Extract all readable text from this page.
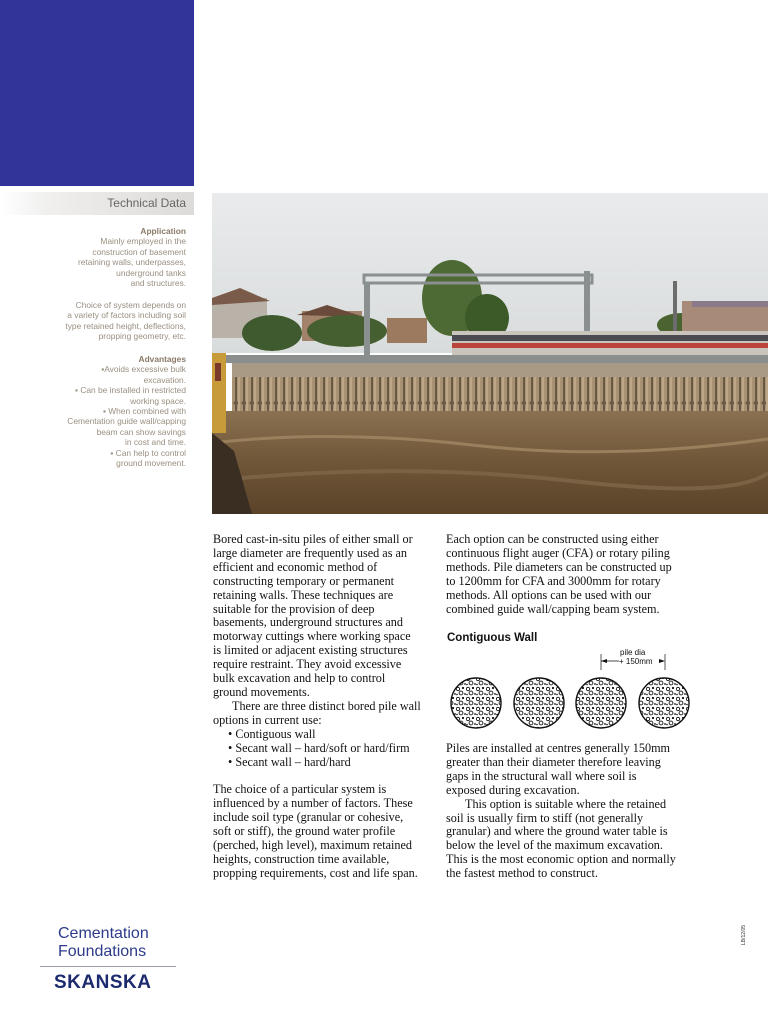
Bored Pile
Retaining
Walls
Technical Data
Application
Mainly employed in the
construction of basement
retaining walls, underpasses,
underground tanks
and structures.
Choice of system depends on
a variety of factors including soil
type retained height, deflections,
propping geometry, etc.
Advantages
▪Avoids excessive bulk
excavation.
▪ Can be installed in restricted
working space.
▪ When combined with
Cementation guide wall/capping
beam can show savings
in cost and time.
▪ Can help to control
ground movement.
Bored cast-in-situ piles of either small or
large diameter are frequently used as an
efficient and economic method of
constructing temporary or permanent
retaining walls. These techniques are
suitable for the provision of deep
basements, underground structures and
motorway cuttings where working space
is limited or adjacent existing structures
require restraint. They avoid excessive
bulk excavation and help to control
ground movements.
There are three distinct bored pile wall
options in current use:
• Contiguous wall
• Secant wall – hard/soft or hard/firm
• Secant wall – hard/hard
The choice of a particular system is
influenced by a number of factors. These
include soil type (granular or cohesive,
soft or stiff), the ground water profile
(perched, high level), maximum retained
heights, construction time available,
propping requirements, cost and life span.
Each option can be constructed using either
continuous flight auger (CFA) or rotary piling
methods. Pile diameters can be constructed up
to 1200mm for CFA and 3000mm for rotary
methods. All options can be used with our
combined guide wall/capping beam system.
Contiguous Wall
pile dia
+ 150mm
Piles are installed at centres generally 150mm
greater than their diameter therefore leaving
gaps in the structural wall where soil is
exposed during excavation.
This option is suitable where the retained
soil is usually firm to stiff (not generally
granular) and where the ground water table is
below the level of the maximum excavation.
This is the most economic option and normally
the fastest method to construct.
Cementation
Foundations
SKANSKA
LB/12/05
